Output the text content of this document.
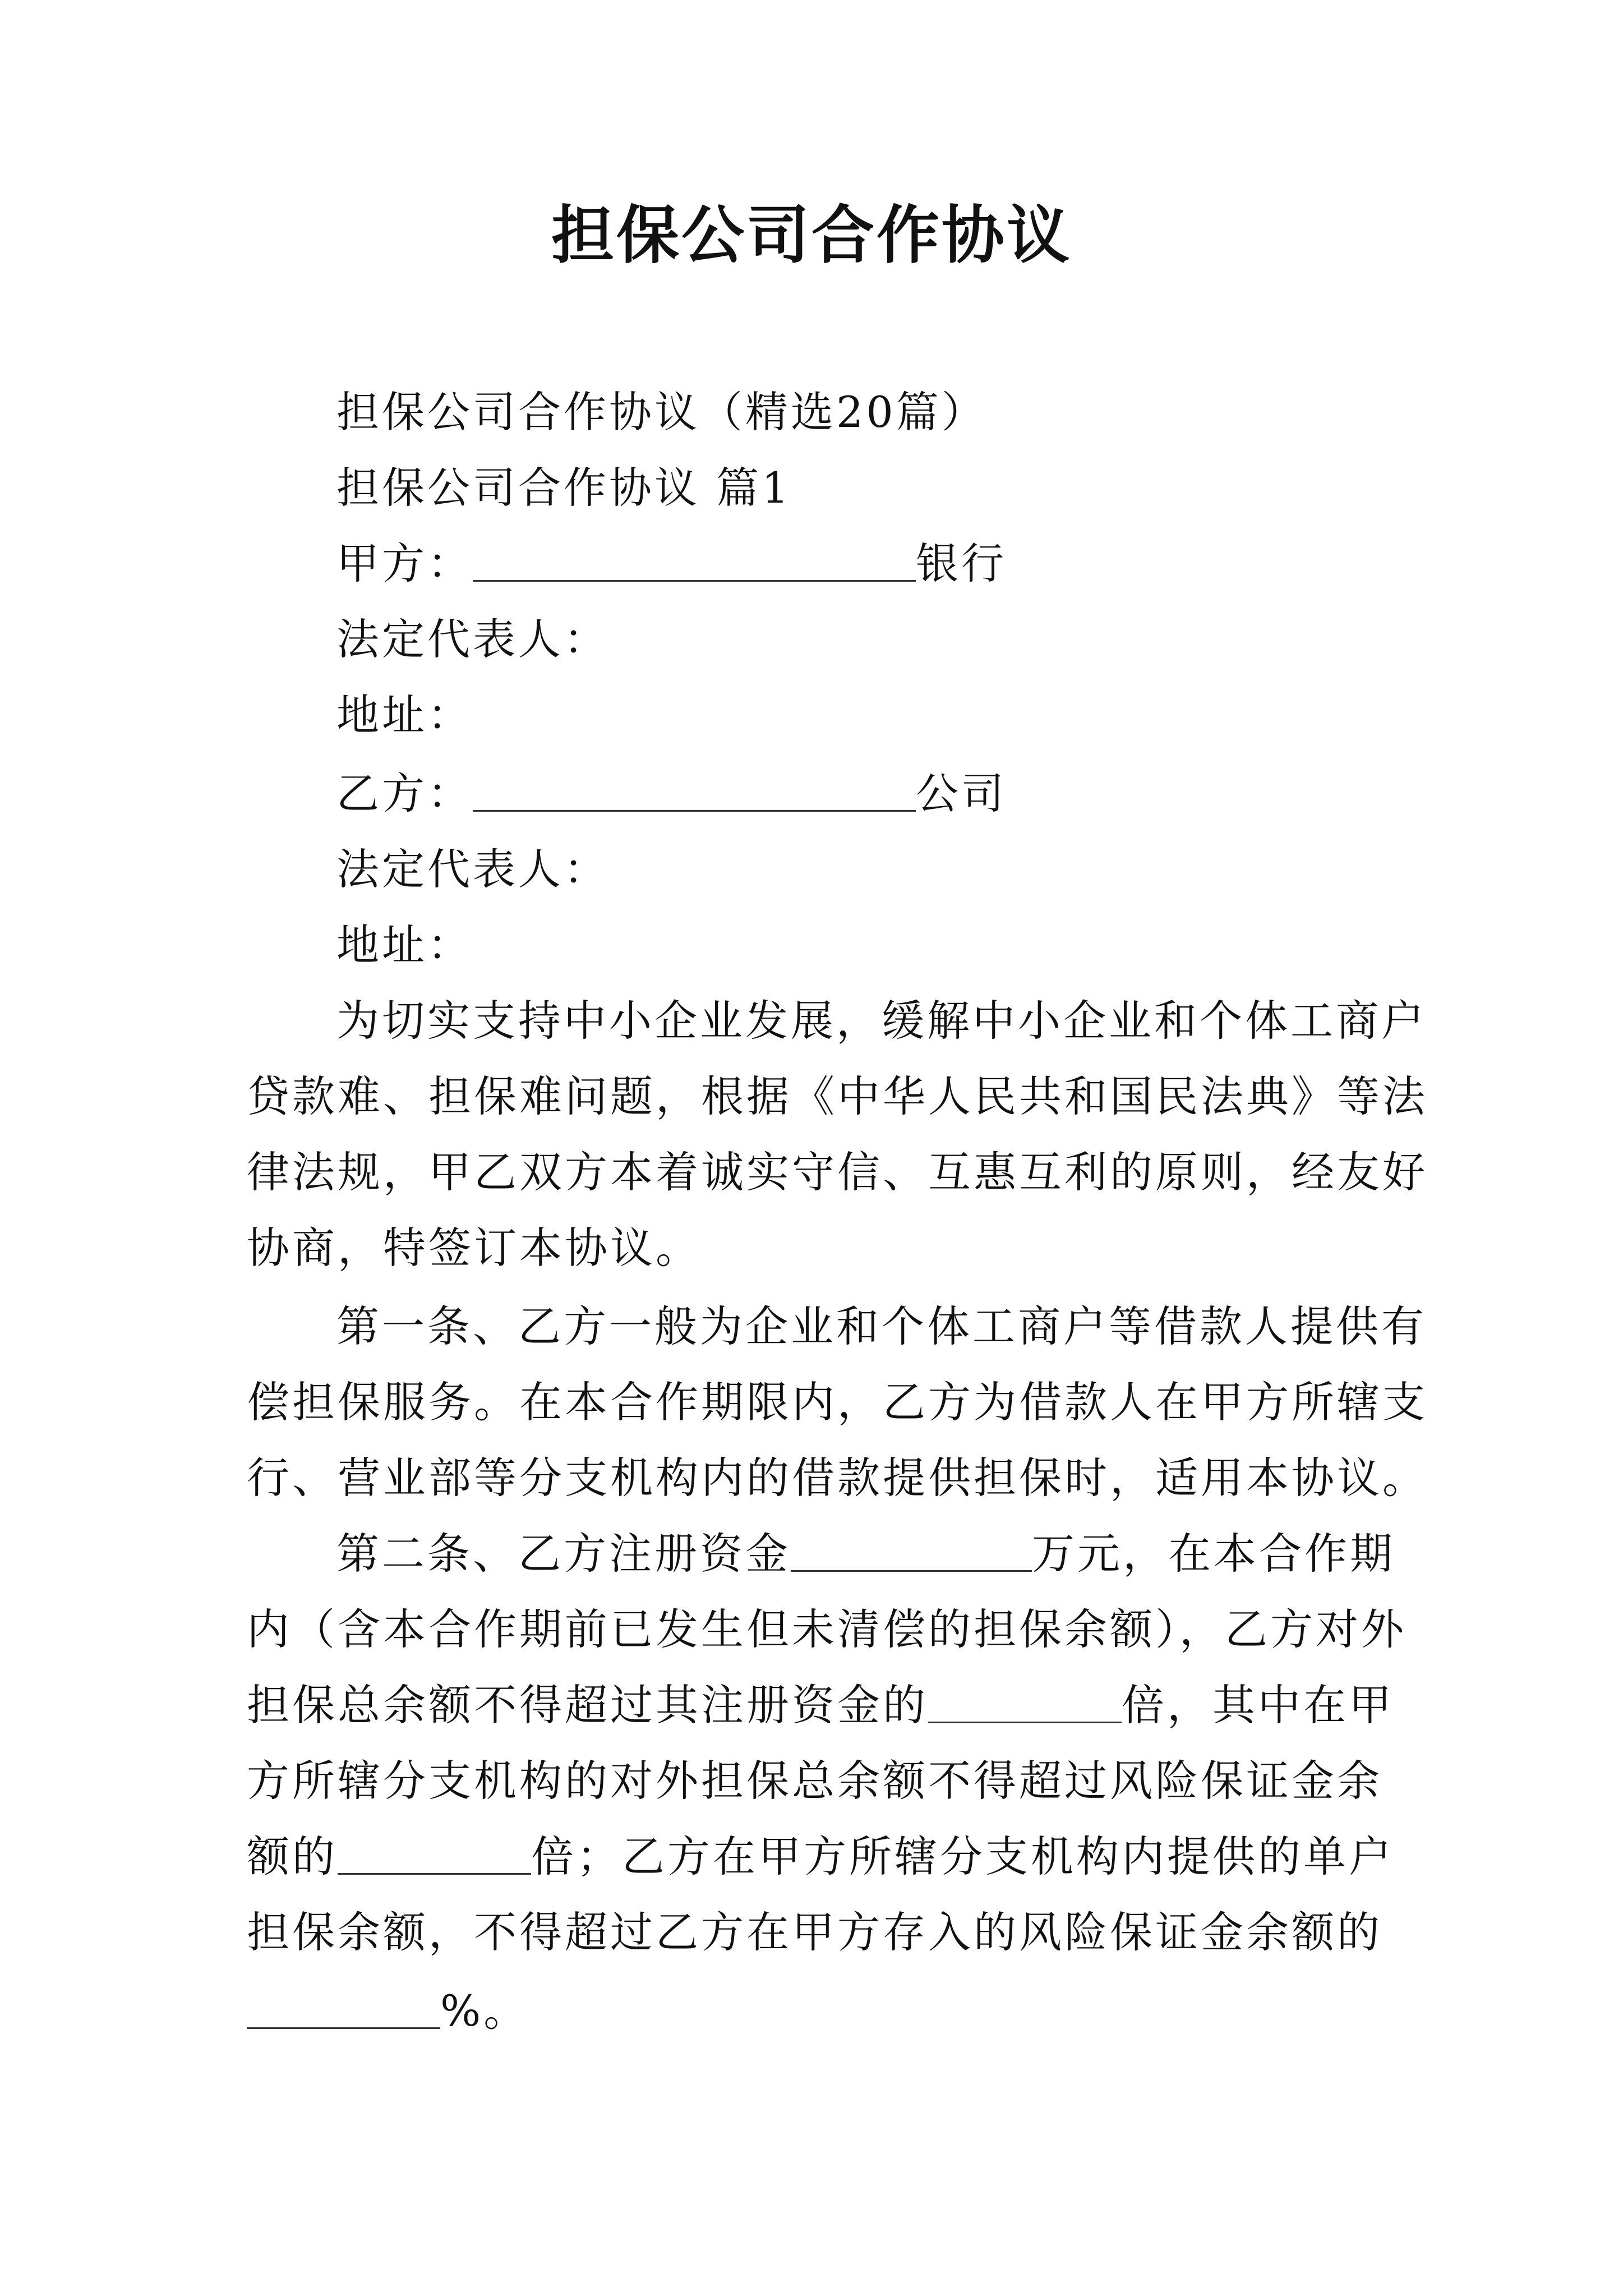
担保公司合作协议
担保公司合作协议（精选20篇）
担保公司合作协议 篇1
甲方：	银行
法定代表人：
地址：
乙方：	公司
法定代表人：
地址：
为切实支持中小企业发展，缓解中小企业和个体工商户
贷款难、担保难问题，根据《中华人民共和国民法典》等法
律法规，甲乙双方本着诚实守信、互惠互利的原则，经友好
协商，特签订本协议。
第一条、乙方一般为企业和个体工商户等借款人提供有
偿担保服务。在本合作期限内，乙方为借款人在甲方所辖支
行、营业部等分支机构内的借款提供担保时，适用本协议。
第二条、乙方注册资金	万元，在本合作期
内（含本合作期前已发生但未清偿的担保余额），乙方对外
担保总余额不得超过其注册资金的	倍，其中在甲
方所辖分支机构的对外担保总余额不得超过风险保证金余
额的	倍；乙方在甲方所辖分支机构内提供的单户
担保余额，不得超过乙方在甲方存入的风险保证金余额的
%。
